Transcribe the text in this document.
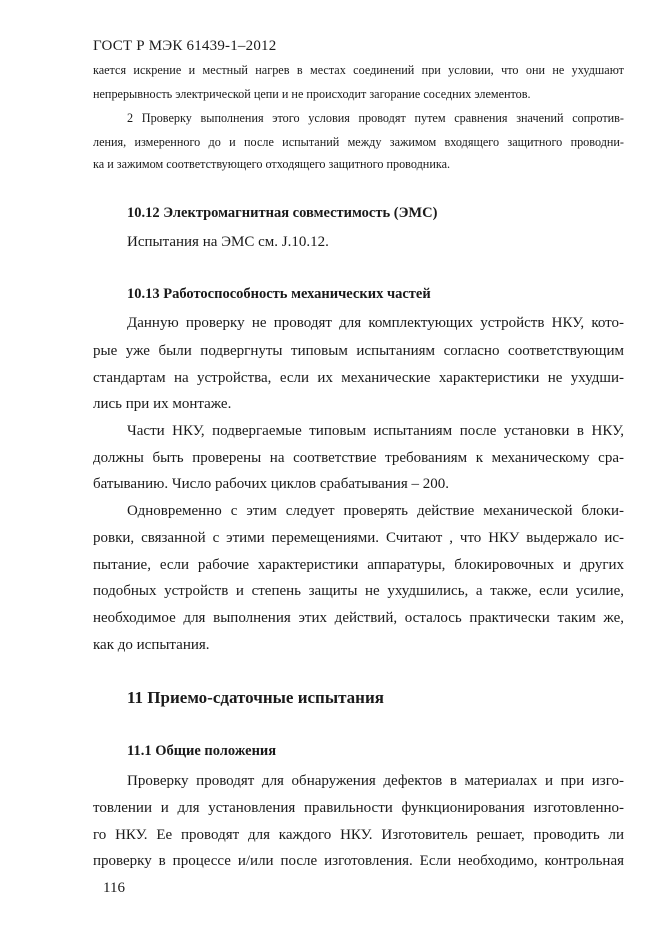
ГОСТ Р МЭК 61439-1–2012
кается искрение и местный нагрев в местах соединений при условии, что они не ухудшают
непрерывность электрической цепи и не происходит загорание соседних элементов.
2 Проверку выполнения этого условия проводят путем сравнения значений сопротив-
ления, измеренного до и после испытаний между зажимом входящего защитного проводни-
ка и зажимом соответствующего отходящего защитного проводника.
10.12 Электромагнитная совместимость (ЭМС)
Испытания на ЭМС см. J.10.12.
10.13 Работоспособность механических частей
Данную проверку не проводят для комплектующих устройств НКУ, кото-
рые уже были подвергнуты типовым испытаниям согласно соответствующим
стандартам на устройства, если их механические характеристики не ухудши-
лись при их монтаже.
Части НКУ, подвергаемые типовым испытаниям после установки в НКУ,
должны быть проверены на соответствие требованиям к механическому сра-
батыванию. Число рабочих циклов срабатывания – 200.
Одновременно с этим следует проверять действие механической блоки-
ровки, связанной с этими перемещениями. Считают , что НКУ выдержало ис-
пытание, если рабочие характеристики аппаратуры, блокировочных и других
подобных устройств и степень защиты не ухудшились, а также, если усилие,
необходимое для выполнения этих действий, осталось практически таким же,
как до испытания.
11 Приемо-сдаточные испытания
11.1 Общие положения
Проверку проводят для обнаружения дефектов в материалах и при изго-
товлении и для установления правильности функционирования изготовленно-
го НКУ. Ее проводят для каждого НКУ. Изготовитель решает, проводить ли
проверку в процессе и/или после изготовления. Если необходимо, контрольная
116
